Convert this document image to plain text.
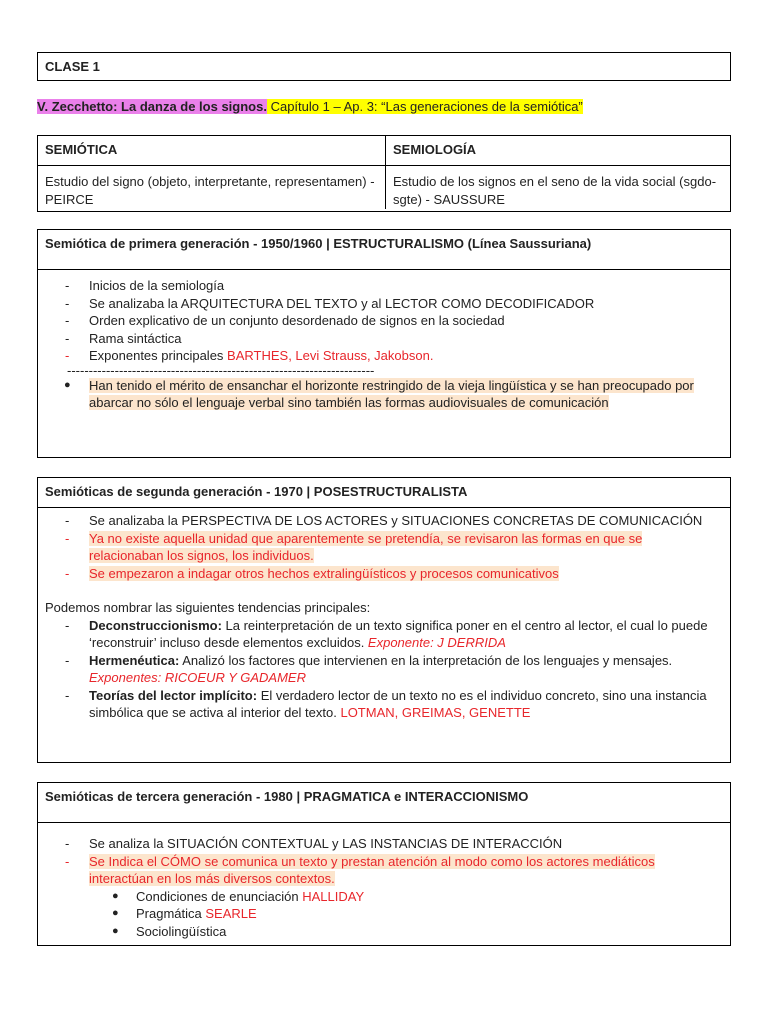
CLASE 1
V. Zecchetto: La danza de los signos. Capítulo 1 – Ap. 3: “Las generaciones de la semiótica”
SEMIÓTICA	SEMIOLOGÍA
Estudio del signo (objeto, interpretante, representamen) - PEIRCE
Estudio de los signos en el seno de la vida social (sgdo-sgte) - SAUSSURE
Semiótica de primera generación - 1950/1960 | ESTRUCTURALISMO (Línea Saussuriana)
- Inicios de la semiología
- Se analizaba la ARQUITECTURA DEL TEXTO y al LECTOR COMO DECODIFICADOR
- Orden explicativo de un conjunto desordenado de signos en la sociedad
- Rama sintáctica
- Exponentes principales BARTHES, Levi Strauss, Jakobson.
-----------------------------------------------------------------------
● Han tenido el mérito de ensanchar el horizonte restringido de la vieja lingüística y se han preocupado por abarcar no sólo el lenguaje verbal sino también las formas audiovisuales de comunicación
Semióticas de segunda generación - 1970 | POSESTRUCTURALISTA
- Se analizaba la PERSPECTIVA DE LOS ACTORES y SITUACIONES CONCRETAS DE COMUNICACIÓN
- Ya no existe aquella unidad que aparentemente se pretendía, se revisaron las formas en que se relacionaban los signos, los individuos.
- Se empezaron a indagar otros hechos extralingüísticos y procesos comunicativos
Podemos nombrar las siguientes tendencias principales:
- Deconstruccionismo: La reinterpretación de un texto significa poner en el centro al lector, el cual lo puede ‘reconstruir’ incluso desde elementos excluidos. Exponente: J DERRIDA
- Hermenéutica: Analizó los factores que intervienen en la interpretación de los lenguajes y mensajes. Exponentes: RICOEUR Y GADAMER
- Teorías del lector implícito: El verdadero lector de un texto no es el individuo concreto, sino una instancia simbólica que se activa al interior del texto. LOTMAN, GREIMAS, GENETTE
Semióticas de tercera generación - 1980 | PRAGMATICA e INTERACCIONISMO
- Se analiza la SITUACIÓN CONTEXTUAL y LAS INSTANCIAS DE INTERACCIÓN
- Se Indica el CÓMO se comunica un texto y prestan atención al modo como los actores mediáticos interactúan en los más diversos contextos.
● Condiciones de enunciación HALLIDAY
● Pragmática SEARLE
● Sociolingüística
